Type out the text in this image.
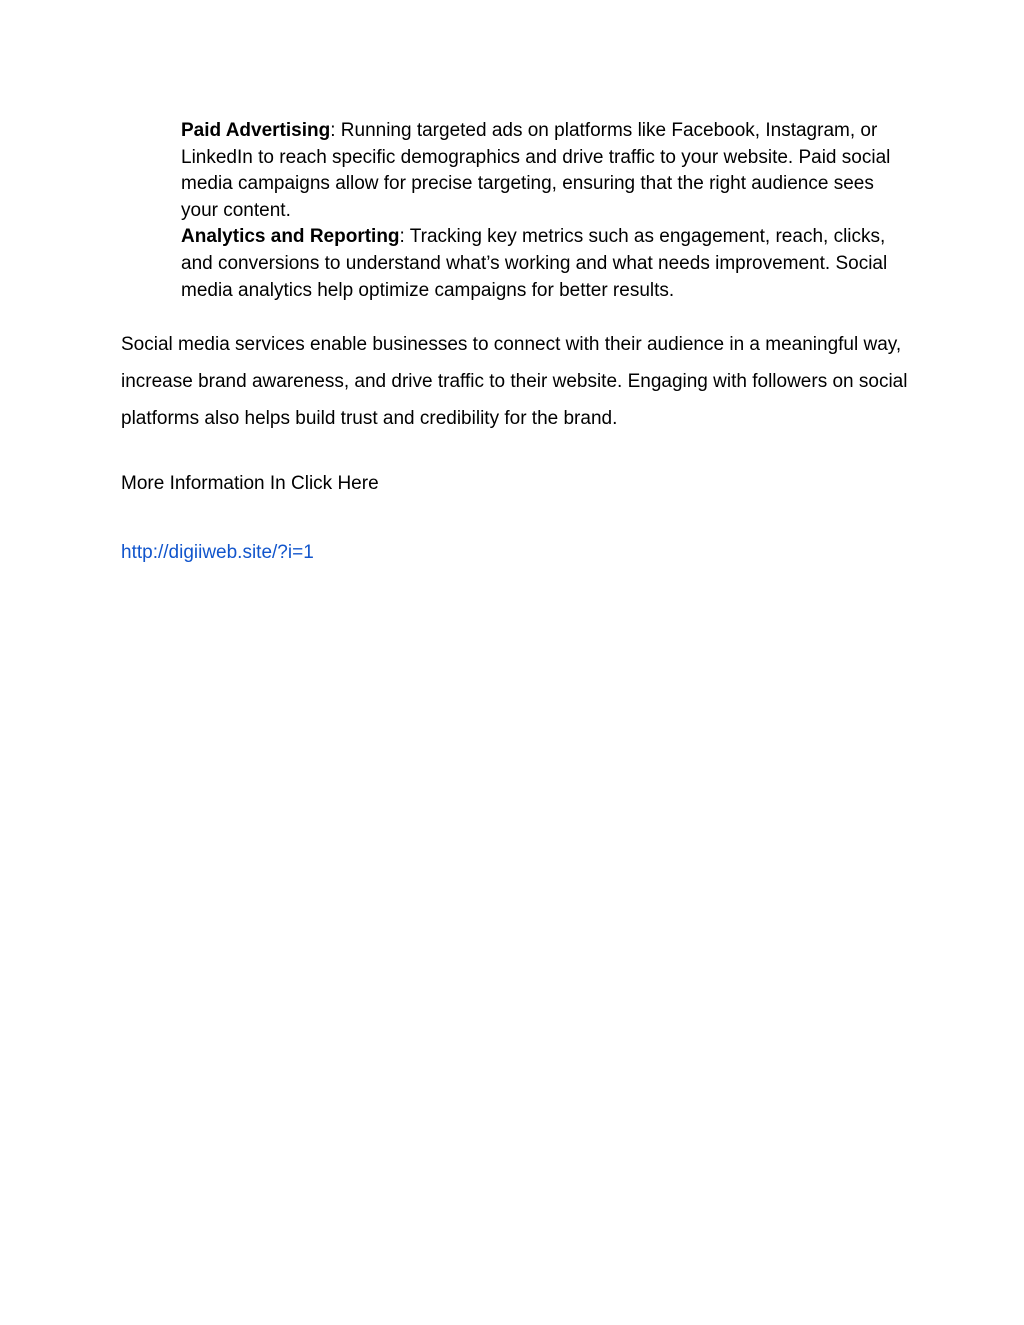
Paid Advertising: Running targeted ads on platforms like Facebook, Instagram, or LinkedIn to reach specific demographics and drive traffic to your website. Paid social media campaigns allow for precise targeting, ensuring that the right audience sees your content.
Analytics and Reporting: Tracking key metrics such as engagement, reach, clicks, and conversions to understand what’s working and what needs improvement. Social media analytics help optimize campaigns for better results.

Social media services enable businesses to connect with their audience in a meaningful way, increase brand awareness, and drive traffic to their website. Engaging with followers on social platforms also helps build trust and credibility for the brand.

More Information In Click Here

http://digiiweb.site/?i=1
